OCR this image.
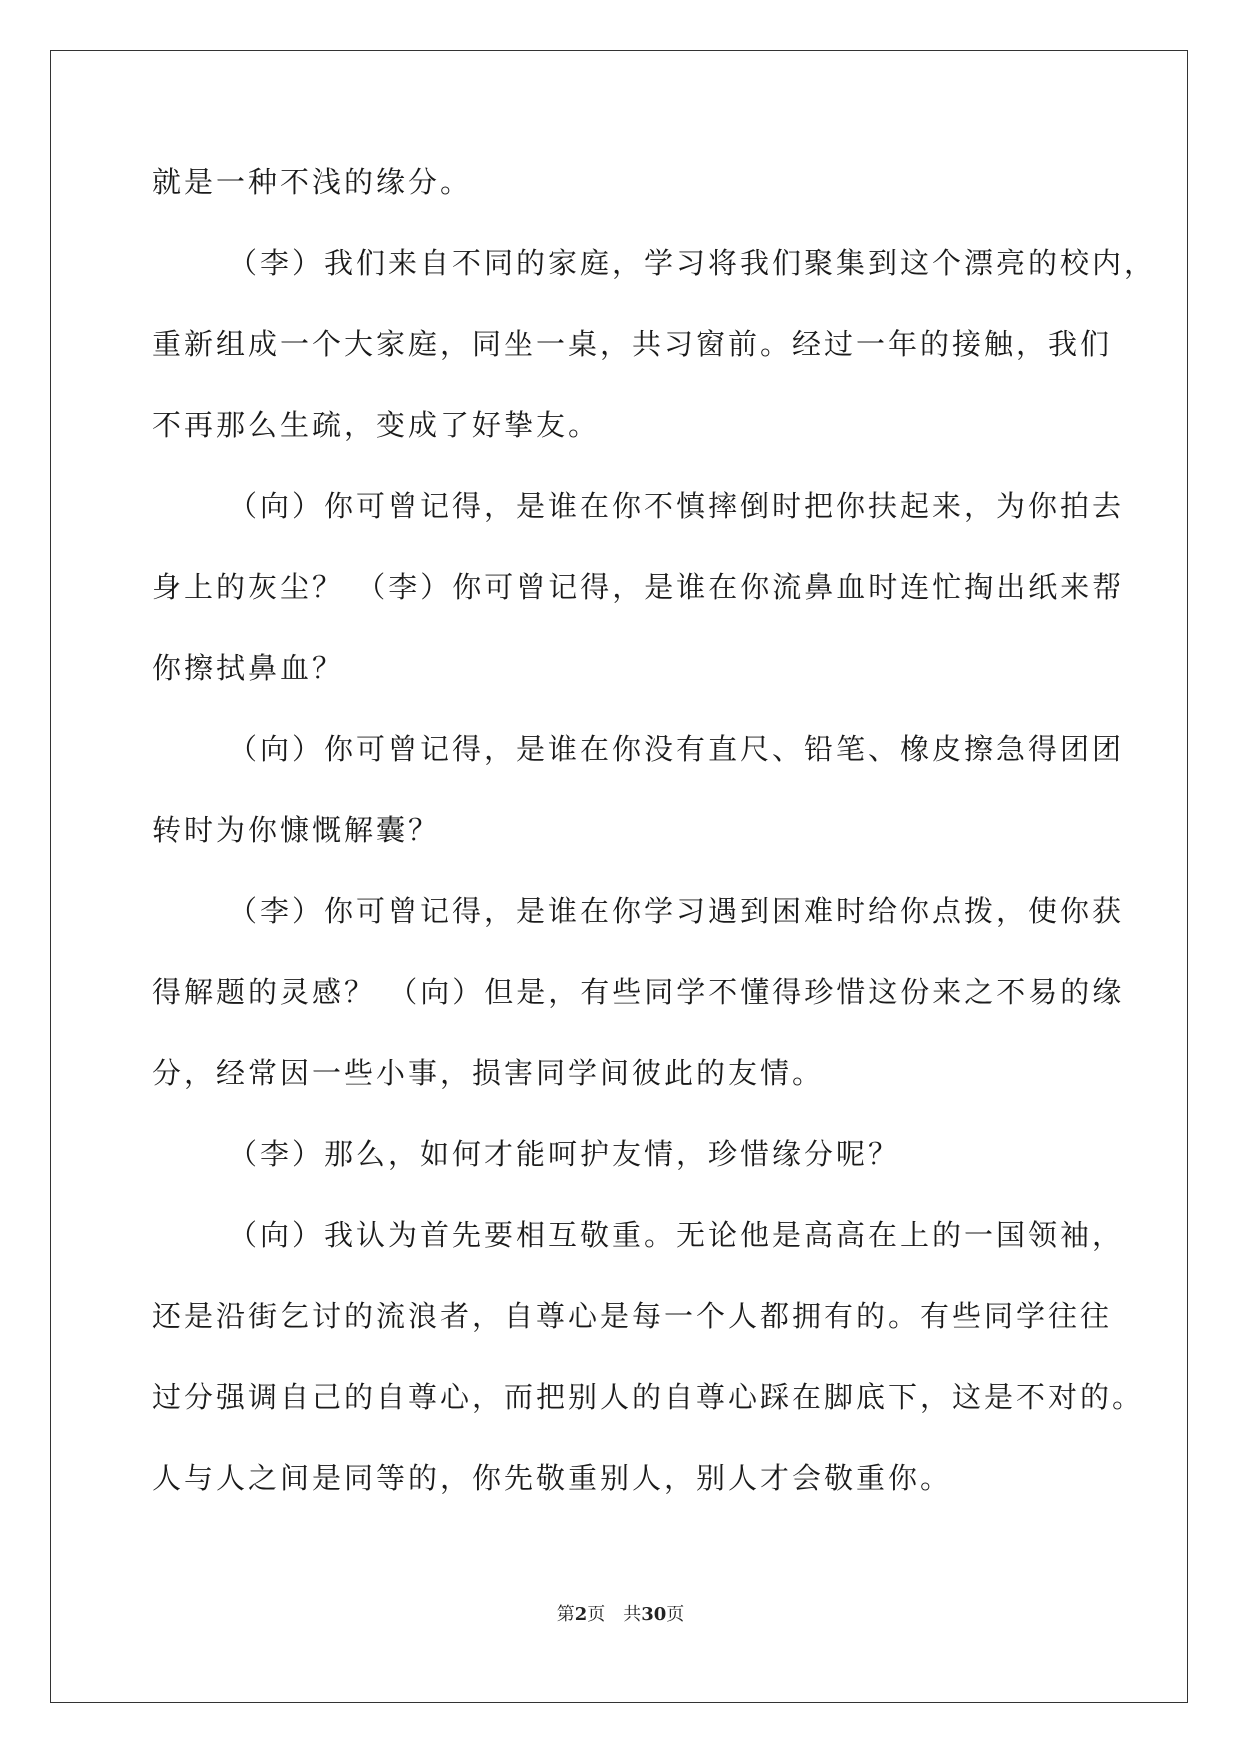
就是一种不浅的缘分。
（李）我们来自不同的家庭，学习将我们聚集到这个漂亮的校内，
重新组成一个大家庭，同坐一桌，共习窗前。经过一年的接触，我们
不再那么生疏，变成了好挚友。
（向）你可曾记得，是谁在你不慎摔倒时把你扶起来，为你拍去
身上的灰尘？ （李）你可曾记得，是谁在你流鼻血时连忙掏出纸来帮
你擦拭鼻血？
（向）你可曾记得，是谁在你没有直尺、铅笔、橡皮擦急得团团
转时为你慷慨解囊？
（李）你可曾记得，是谁在你学习遇到困难时给你点拨，使你获
得解题的灵感？ （向）但是，有些同学不懂得珍惜这份来之不易的缘
分，经常因一些小事，损害同学间彼此的友情。
（李）那么，如何才能呵护友情，珍惜缘分呢？
（向）我认为首先要相互敬重。无论他是高高在上的一国领袖，
还是沿街乞讨的流浪者，自尊心是每一个人都拥有的。有些同学往往
过分强调自己的自尊心，而把别人的自尊心踩在脚底下，这是不对的。
人与人之间是同等的，你先敬重别人，别人才会敬重你。
第2页 共30页
